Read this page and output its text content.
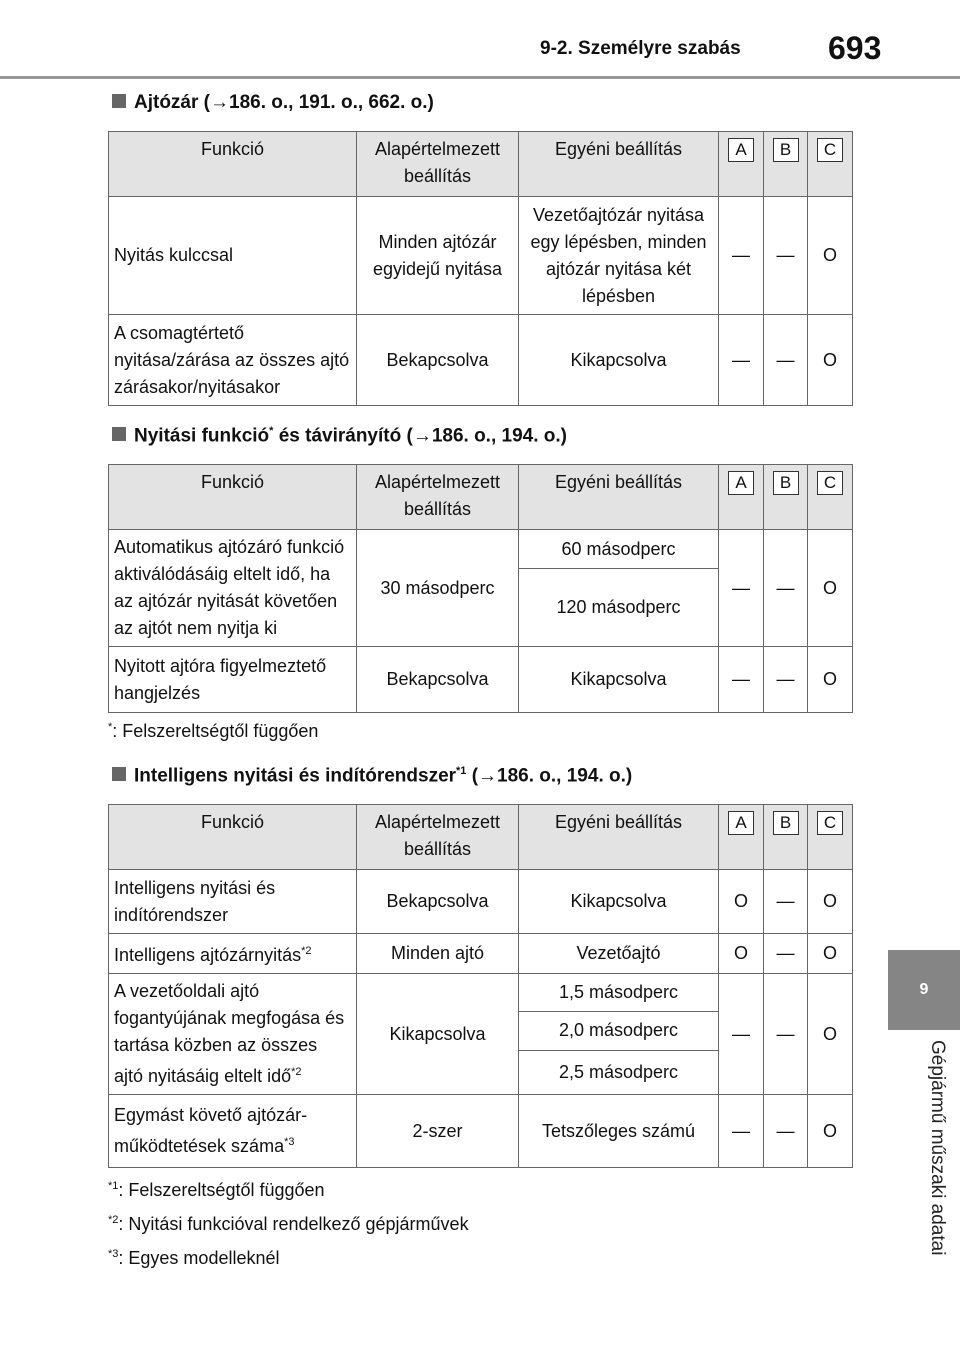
9-2. Személyre szabás	693
9
Gépjármű műszaki adatai
Ajtózár (→186. o., 191. o., 662. o.)
Funkció	Alapértelmezett beállítás	Egyéni beállítás	A	B	C
Nyitás kulccsal	Minden ajtózár egyidejű nyitása	Vezetőajtózár nyitása egy lépésben, minden ajtózár nyitása két lépésben	—	—	O
A csomagtértető nyitása/zárása az összes ajtó zárásakor/nyitásakor	Bekapcsolva	Kikapcsolva	—	—	O
Nyitási funkció* és távirányító (→186. o., 194. o.)
Funkció	Alapértelmezett beállítás	Egyéni beállítás	A	B	C
Automatikus ajtózáró funkció aktiválódásáig eltelt idő, ha az ajtózár nyitását követően az ajtót nem nyitja ki	30 másodperc	60 másodperc	—	—	O
		120 másodperc			
Nyitott ajtóra figyelmeztető hangjelzés	Bekapcsolva	Kikapcsolva	—	—	O
*: Felszereltségtől függően
Intelligens nyitási és indítórendszer$^{*1}$ (→186. o., 194. o.)
Funkció	Alapértelmezett beállítás	Egyéni beállítás	A	B	C
Intelligens nyitási és indítórendszer	Bekapcsolva	Kikapcsolva	O	—	O
Intelligens ajtózárnyitás$^{*2}$	Minden ajtó	Vezetőajtó	O	—	O
A vezetőoldali ajtó fogantyújának megfogása és tartása közben az összes ajtó nyitásáig eltelt idő$^{*2}$	Kikapcsolva	1,5 másodperc	—	—	O
		2,0 másodperc			
		2,5 másodperc			
Egymást követő ajtózár-működtetések száma$^{*3}$	2-szer	Tetszőleges számú	—	—	O
$^{*1}$: Felszereltségtől függően
$^{*2}$: Nyitási funkcióval rendelkező gépjárművek
$^{*3}$: Egyes modelleknél
